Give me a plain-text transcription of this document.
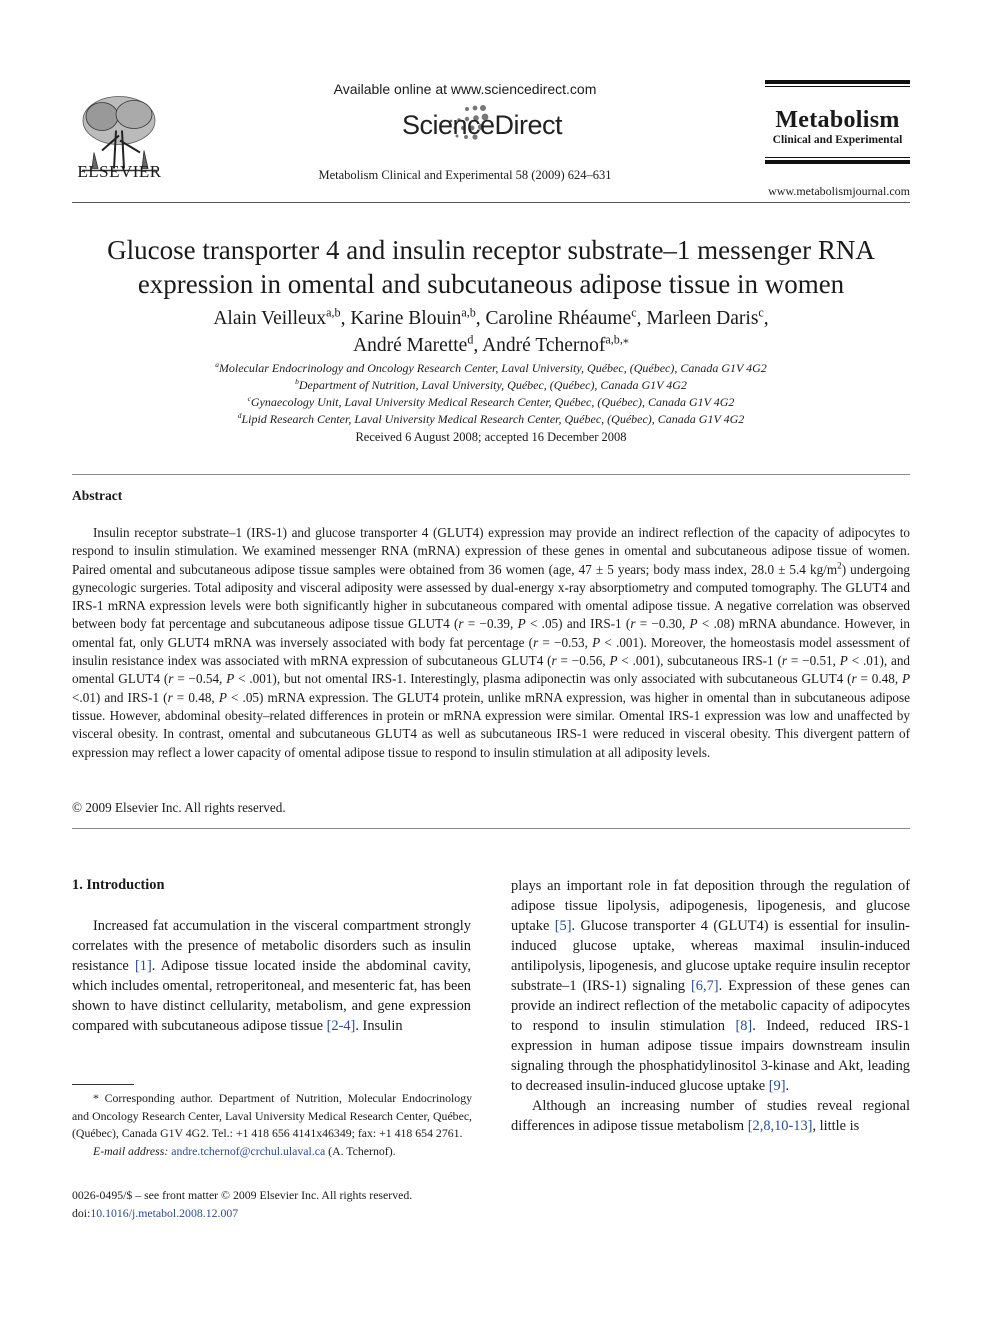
ELSEVIER
Available online at www.sciencedirect.com
ScienceDirect
Metabolism Clinical and Experimental 58 (2009) 624–631
Metabolism
Clinical and Experimental
www.metabolismjournal.com
Glucose transporter 4 and insulin receptor substrate–1 messenger RNA
expression in omental and subcutaneous adipose tissue in women
Alain Veilleux$^{a,b}$, Karine Blouin$^{a,b}$, Caroline Rhéaume$^c$, Marleen Daris$^c$,
André Marette$^d$, André Tchernof$^{a,b,⁎}$
$^a$Molecular Endocrinology and Oncology Research Center, Laval University, Québec, (Québec), Canada G1V 4G2
$^b$Department of Nutrition, Laval University, Québec, (Québec), Canada G1V 4G2
$^c$Gynaecology Unit, Laval University Medical Research Center, Québec, (Québec), Canada G1V 4G2
$^d$Lipid Research Center, Laval University Medical Research Center, Québec, (Québec), Canada G1V 4G2
Received 6 August 2008; accepted 16 December 2008
Abstract

Insulin receptor substrate–1 (IRS-1) and glucose transporter 4 (GLUT4) expression may provide an indirect reflection of the capacity of adipocytes to respond to insulin stimulation. We examined messenger RNA (mRNA) expression of these genes in omental and subcutaneous adipose tissue of women. Paired omental and subcutaneous adipose tissue samples were obtained from 36 women (age, 47 ± 5 years; body mass index, 28.0 ± 5.4 $kg/m^2$) undergoing gynecologic surgeries. Total adiposity and visceral adiposity were assessed by dual-energy x-ray absorptiometry and computed tomography. The GLUT4 and IRS-1 mRNA expression levels were both significantly higher in subcutaneous compared with omental adipose tissue. A negative correlation was observed between body fat percentage and subcutaneous adipose tissue GLUT4 (r = −0.39, P < .05) and IRS-1 (r = −0.30, P < .08) mRNA abundance. However, in omental fat, only GLUT4 mRNA was inversely associated with body fat percentage (r = −0.53, P < .001). Moreover, the homeostasis model assessment of insulin resistance index was associated with mRNA expression of subcutaneous GLUT4 (r = −0.56, P < .001), subcutaneous IRS-1 (r = −0.51, P < .01), and omental GLUT4 (r = −0.54, P < .001), but not omental IRS-1. Interestingly, plasma adiponectin was only associated with subcutaneous GLUT4 (r = 0.48, P <.01) and IRS-1 (r = 0.48, P < .05) mRNA expression. The GLUT4 protein, unlike mRNA expression, was higher in omental than in subcutaneous adipose tissue. However, abdominal obesity–related differences in protein or mRNA expression were similar. Omental IRS-1 expression was low and unaffected by visceral obesity. In contrast, omental and subcutaneous GLUT4 as well as subcutaneous IRS-1 were reduced in visceral obesity. This divergent pattern of expression may reflect a lower capacity of omental adipose tissue to respond to insulin stimulation at all adiposity levels.

© 2009 Elsevier Inc. All rights reserved.
1. Introduction

Increased fat accumulation in the visceral compartment strongly correlates with the presence of metabolic disorders such as insulin resistance [1]. Adipose tissue located inside the abdominal cavity, which includes omental, retroperitoneal, and mesenteric fat, has been shown to have distinct cellularity, metabolism, and gene expression compared with subcutaneous adipose tissue [2-4]. Insulin

* Corresponding author. Department of Nutrition, Molecular Endocrinology and Oncology Research Center, Laval University Medical Research Center, Québec, (Québec), Canada G1V 4G2. Tel.: +1 418 656 4141x46349; fax: +1 418 654 2761.

E-mail address: andre.tchernof@crchul.ulaval.ca (A. Tchernof).

0026-0495/$ – see front matter © 2009 Elsevier Inc. All rights reserved.
doi:10.1016/j.metabol.2008.12.007

plays an important role in fat deposition through the regulation of adipose tissue lipolysis, adipogenesis, lipogenesis, and glucose uptake [5]. Glucose transporter 4 (GLUT4) is essential for insulin-induced glucose uptake, whereas maximal insulin-induced antilipolysis, lipogenesis, and glucose uptake require insulin receptor substrate–1 (IRS-1) signaling [6,7]. Expression of these genes can provide an indirect reflection of the metabolic capacity of adipocytes to respond to insulin stimulation [8]. Indeed, reduced IRS-1 expression in human adipose tissue impairs downstream insulin signaling through the phosphatidylinositol 3-kinase and Akt, leading to decreased insulin-induced glucose uptake [9].

Although an increasing number of studies reveal regional differences in adipose tissue metabolism [2,8,10-13], little is
